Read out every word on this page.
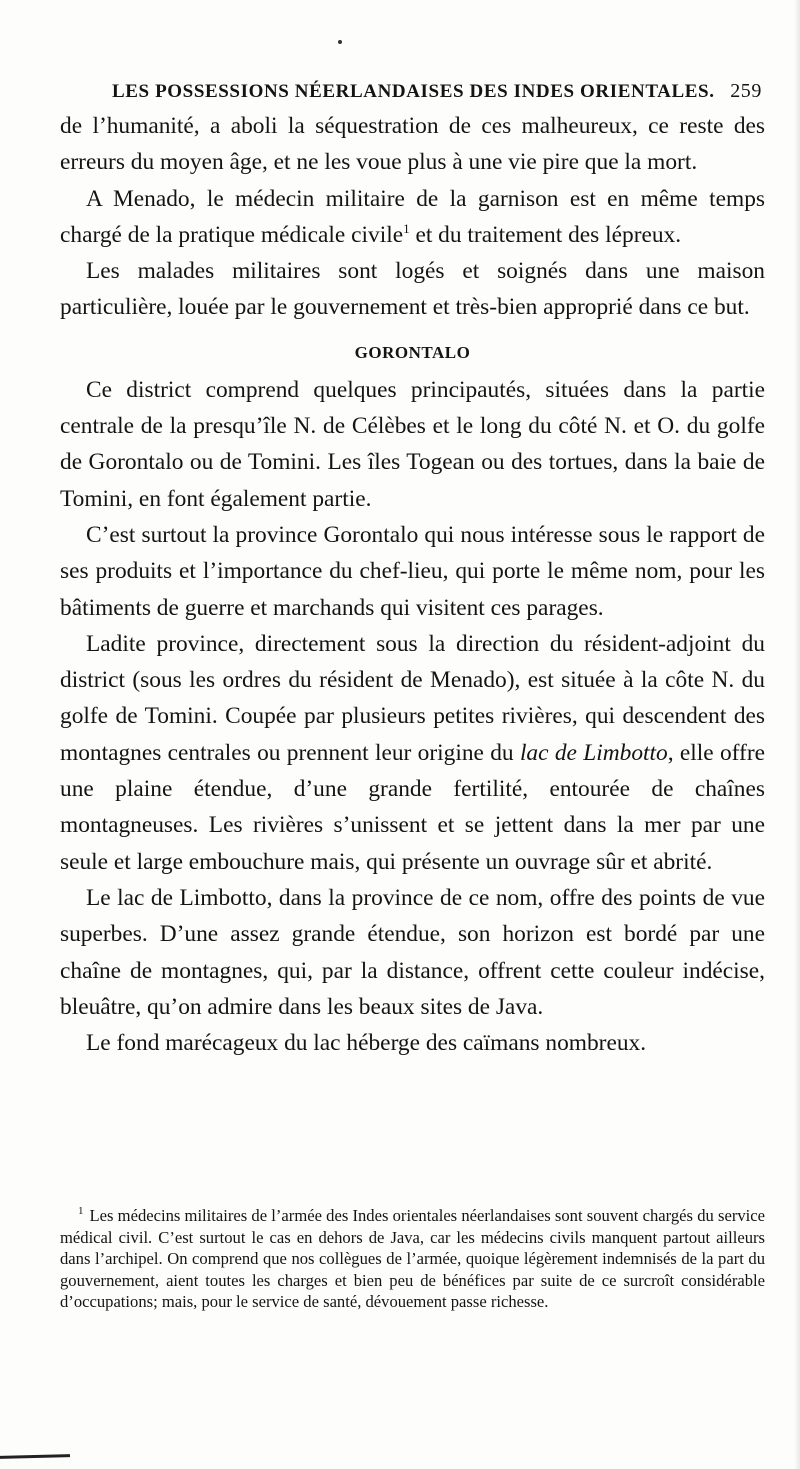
LES POSSESSIONS NÉERLANDAISES DES INDES ORIENTALES. 259

de l’humanité, a aboli la séquestration de ces malheureux, ce reste des erreurs du moyen âge, et ne les voue plus à une vie pire que la mort.

A Menado, le médecin militaire de la garnison est en même temps chargé de la pratique médicale civile$^1$ et du traitement des lépreux.

Les malades militaires sont logés et soignés dans une maison particulière, louée par le gouvernement et très-bien approprié dans ce but.

GORONTALO

Ce district comprend quelques principautés, situées dans la partie centrale de la presqu’île N. de Célèbes et le long du côté N. et O. du golfe de Gorontalo ou de Tomini. Les îles Togean ou des tortues, dans la baie de Tomini, en font également partie.

C’est surtout la province Gorontalo qui nous intéresse sous le rapport de ses produits et l’importance du chef-lieu, qui porte le même nom, pour les bâtiments de guerre et marchands qui visitent ces parages.

Ladite province, directement sous la direction du résident-adjoint du district (sous les ordres du résident de Menado), est située à la côte N. du golfe de Tomini. Coupée par plusieurs petites rivières, qui descendent des montagnes centrales ou prennent leur origine du lac de Limbotto, elle offre une plaine étendue, d’une grande fertilité, entourée de chaînes montagneuses. Les rivières s’unissent et se jettent dans la mer par une seule et large embouchure mais, qui présente un ouvrage sûr et abrité.

Le lac de Limbotto, dans la province de ce nom, offre des points de vue superbes. D’une assez grande étendue, son horizon est bordé par une chaîne de montagnes, qui, par la distance, offrent cette couleur indécise, bleuâtre, qu’on admire dans les beaux sites de Java.

Le fond marécageux du lac héberge des caïmans nombreux.

$^1$ Les médecins militaires de l’armée des Indes orientales néerlandaises sont souvent chargés du service médical civil. C’est surtout le cas en dehors de Java, car les médecins civils manquent partout ailleurs dans l’archipel. On comprend que nos collègues de l’armée, quoique légèrement indemnisés de la part du gouvernement, aient toutes les charges et bien peu de bénéfices par suite de ce surcroît considérable d’occupations; mais, pour le service de santé, dévouement passe richesse.
